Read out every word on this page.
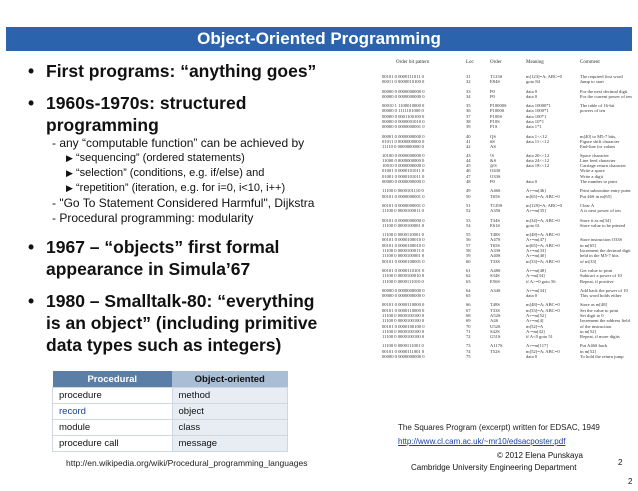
Object-Oriented Programming
• First programs: “anything goes”
• 1960s-1970s: structured
programming

- any “computable function” can be achieved by

▶ “sequencing” (ordered statements)

▶ “selection” (conditions, e.g. if/else) and

▶ “repetition” (iteration, e.g. for i=0, i<10, i++)

- "Go To Statement Considered Harmful", Dijkstra

- Procedural programming: modularity

• 1967 – “objects” first formal
appearance in Simula’67
• 1980 – Smalltalk-80: “everything
is an object” (including primitive
data types such as integers)
Procedural	Object-oriented
procedure	method
record	object
module	class
procedure call	message
http://en.wikipedia.org/wiki/Procedural_programming_languages
Order bit pattern	Loc	Order	Meaning	Comment
00101 0 0000111011 0	31	T123S	m[123]=A; ABC=0	The required first word
00011 0 0000010100 0	32	E84S	goto 84	Jump to start
00000 0 0000000000 0	33	P0	data 0	For the next decimal digit
00000 0 0000000000 0	34	P0	data 0	For the current power of ten
00010 1 1100010000 0	35	P10000S	data 10000*1	The table of 16-bit
00000 0 1111101000 0	36	P1000S	data 1000*1	powers of ten
00000 0 0001100100 0	37	P100S	data 100*1
00000 0 0000001010 0	38	P10S	data 10*1
00000 0 0000000001 0	39	P1S	data 1*1
00001 0 0000000000 0	40	QS	data 1<<12	m[40] to M5-7 bits,
01011 0 0000000000 0	41	#S	data 11<<12	Figure shift character
11110 0 0000000000 0	42	AS	End-line for values
10100 0 0000000000 0	43	!S	data 20<<12	Space character
11000 0 0000000000 0	44	&S	data 24<<12	Line feed character
10010 0 0000000000 0	45	@S	data 18<<12	Carriage return character
01001 0 0000101011 0	46	O43S	Write a space
01001 0 0000101011 0	47	O33S	Write a digit
00000 0 0000000000 0	48	P0	data 0	The number to print
11100 0 0000101110 0	49	A46S	A+=m[46]	Print subroutine entry point
00101 0 0000000001 0	50	T65S	m[65]=A; ABC=0	Put 46S in m[65]
00101 0 0000000001 0	51	T129S	m[129]=A; ABC=0	Clear A
11100 0 0000100011 0	52	A35S	A+=m[35]	A is next power of ten
00101 0 0000000000 0	53	T34S	m[34]=A; ABC=0	Store it as m[34]
11100 0 0000100001 0	54	E61S	goto 61	Store value to be printed
11100 0 0000110001 0	55	T48S	m[48]=A; ABC=0
00101 0 0000100010 0	56	A47S	A+=m[47]	Store instruction O33S
00101 0 0000100010 0	57	T65S	m[65]=A; ABC=0	in m[65]
11100 0 0000100011 0	58	A33S	A+=m[33]	Increment the decimal digit
11100 0 0000100001 0	59	A40S	A+=m[40]	held in the M5-7 bits
00101 0 0000100001 0	60	T33S	m[33]=A; ABC=0	of m[33]
00101 0 0000110101 0	61	A48S	A+=m[48]	Get value to print
11100 0 0000100010 0	62	S34S	A-=m[34]	Subtract a power of 10
11100 0 0000111010 0	63	E56S	if A>=0 goto 56	Repeat, if positive
00000 0 0000000000 0	64	A34S	A+=m[34]	Add back the power of 10
00000 0 0000000000 0	65	data 0	This word holds either
00101 0 0000110000 0	66	T48S	m[48]=A; ABC=0	Store as m[48]
00101 0 0000110000 0	67	T33S	m[33]=A; ABC=0	Set the value to print
11100 0 0000100100 0	68	A52S	A+=m[52]	Set digit to 0
11100 0 0000100100 0	69	A4S	A+=m[4]	Increment the address field
00101 0 0000100100 0	70	U52S	m[52]=A	of the instruction
11100 0 0000100100 0	71	S42S	A-=m[42]	in m[52]
11100 0 0000100100 0	72	G51S	if A<0 goto 51	Repeat, if more digits
11100 0 0000111001 0	73	A117S	A+=m[117]	Put A46S back
00101 0 0000111001 0	74	T52S	m[52]=A; ABC=0	in m[52]
00000 0 0000000000 0	75	data 0	To hold the return jump
The Squares Program (excerpt) written for EDSAC, 1949
http://www.cl.cam.ac.uk/~mr10/edsacposter.pdf
© 2012 Elena Punskaya
Cambridge University Engineering Department
2
2
